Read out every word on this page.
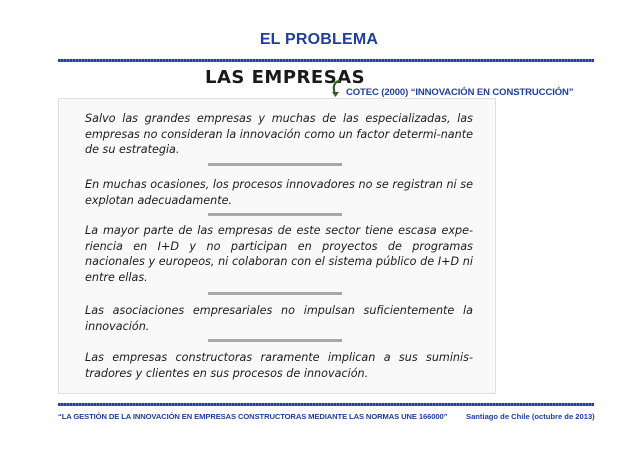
EL PROBLEMA
LAS EMPRESAS
COTEC (2000) “INNOVACIÓN EN CONSTRUCCIÓN”
Salvo las grandes empresas y muchas de las especializadas, las empresas no consideran la innovación como un factor determi-nante de su estrategia.
En muchas ocasiones, los procesos innovadores no se registran ni se explotan adecuadamente.
La mayor parte de las empresas de este sector tiene escasa expe-riencia en I+D y no participan en proyectos de programas nacionales y europeos, ni colaboran con el sistema público de I+D ni entre ellas.
Las asociaciones empresariales no impulsan suficientemente la innovación.
Las empresas constructoras raramente implican a sus suminis-tradores y clientes en sus procesos de innovación.
“LA GESTIÓN DE LA INNOVACIÓN EN EMPRESAS CONSTRUCTORAS MEDIANTE LAS NORMAS UNE 166000” Santiago de Chile (octubre de 2013)
